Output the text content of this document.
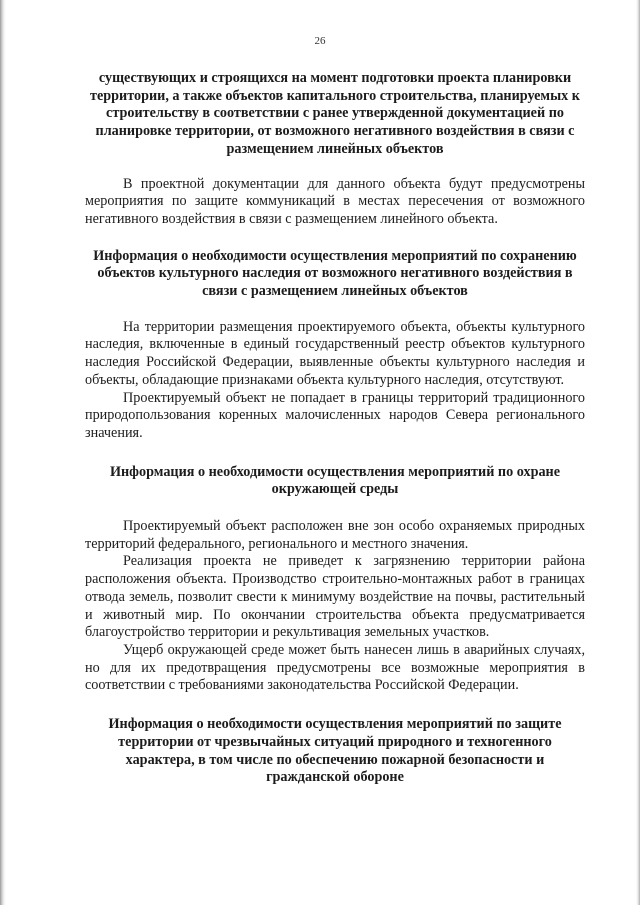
26

существующих и строящихся на момент подготовки проекта планировки территории, а также объектов капитального строительства, планируемых к строительству в соответствии с ранее утвержденной документацией по планировке территории, от возможного негативного воздействия в связи с размещением линейных объектов

В проектной документации для данного объекта будут предусмотрены мероприятия по защите коммуникаций в местах пересечения от возможного негативного воздействия в связи с размещением линейного объекта.

Информация о необходимости осуществления мероприятий по сохранению объектов культурного наследия от возможного негативного воздействия в связи с размещением линейных объектов

На территории размещения проектируемого объекта, объекты культурного наследия, включенные в единый государственный реестр объектов культурного наследия Российской Федерации, выявленные объекты культурного наследия и объекты, обладающие признаками объекта культурного наследия, отсутствуют.

Проектируемый объект не попадает в границы территорий традиционного природопользования коренных малочисленных народов Севера регионального значения.

Информация о необходимости осуществления мероприятий по охране окружающей среды

Проектируемый объект расположен вне зон особо охраняемых природных территорий федерального, регионального и местного значения.

Реализация проекта не приведет к загрязнению территории района расположения объекта. Производство строительно-монтажных работ в границах отвода земель, позволит свести к минимуму воздействие на почвы, растительный и животный мир. По окончании строительства объекта предусматривается благоустройство территории и рекультивация земельных участков.

Ущерб окружающей среде может быть нанесен лишь в аварийных случаях, но для их предотвращения предусмотрены все возможные мероприятия в соответствии с требованиями законодательства Российской Федерации.

Информация о необходимости осуществления мероприятий по защите территории от чрезвычайных ситуаций природного и техногенного характера, в том числе по обеспечению пожарной безопасности и гражданской обороне
